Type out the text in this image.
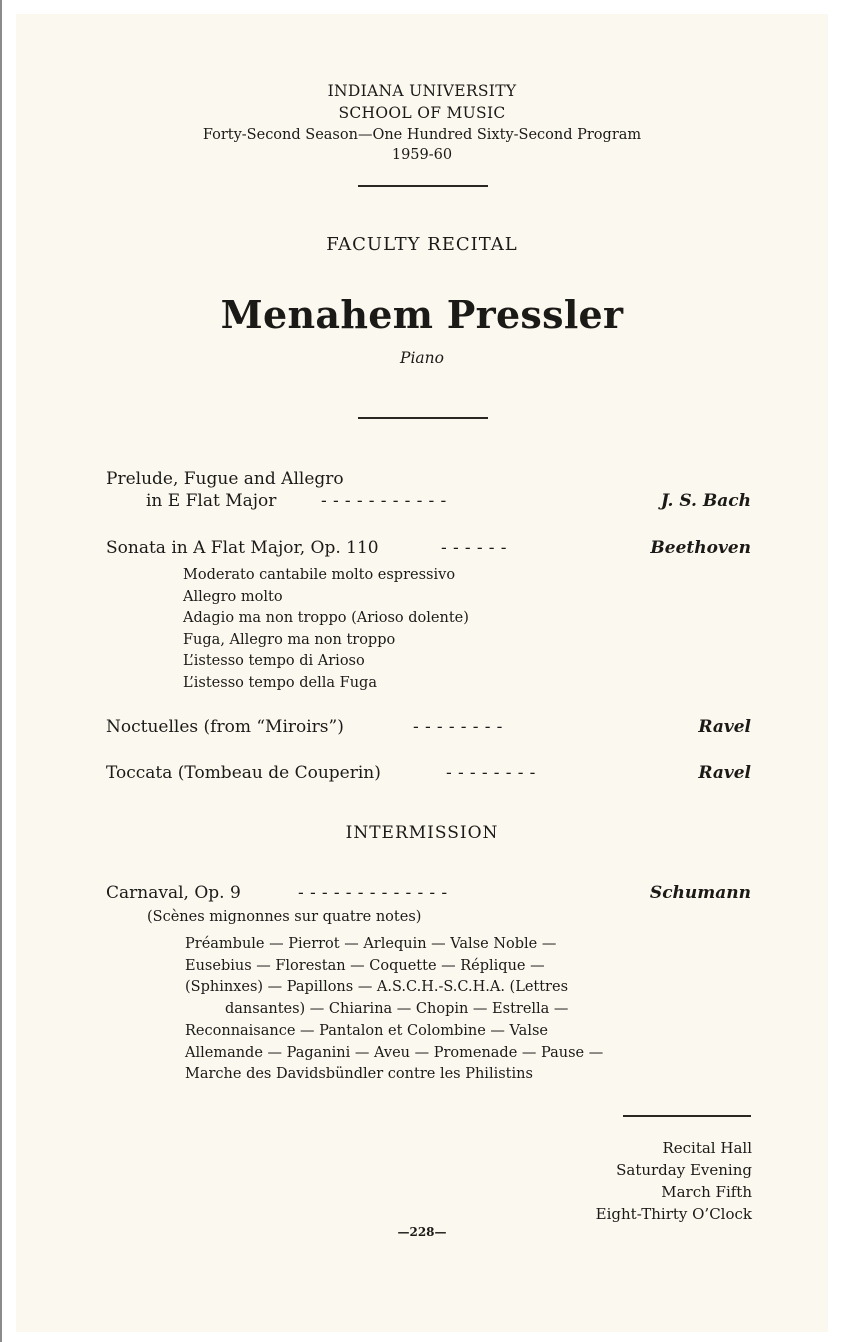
INDIANA UNIVERSITY
SCHOOL OF MUSIC
Forty-Second Season—One Hundred Sixty-Second Program
1959-60
FACULTY RECITAL
Menahem Pressler
Piano
Prelude, Fugue and Allegro
in E Flat Major	- - - - - - - - - - -	J. S. Bach
Sonata in A Flat Major, Op. 110	- - - - - -	Beethoven
Moderato cantabile molto espressivo
Allegro molto
Adagio ma non troppo (Arioso dolente)
Fuga, Allegro ma non troppo
L’istesso tempo di Arioso
L’istesso tempo della Fuga
Noctuelles (from “Miroirs”)	- - - - - - - -	Ravel
Toccata (Tombeau de Couperin)	- - - - - - - -	Ravel
INTERMISSION
Carnaval, Op. 9	- - - - - - - - - - - - -	Schumann
(Scènes mignonnes sur quatre notes)
Préambule — Pierrot — Arlequin — Valse Noble —
Eusebius — Florestan — Coquette — Réplique —
(Sphinxes) — Papillons — A.S.C.H.-S.C.H.A. (Lettres
dansantes) — Chiarina — Chopin — Estrella —
Reconnaisance — Pantalon et Colombine — Valse
Allemande — Paganini — Aveu — Promenade — Pause —
Marche des Davidsbündler contre les Philistins
Recital Hall
Saturday Evening
March Fifth
Eight-Thirty O’Clock
—228—
